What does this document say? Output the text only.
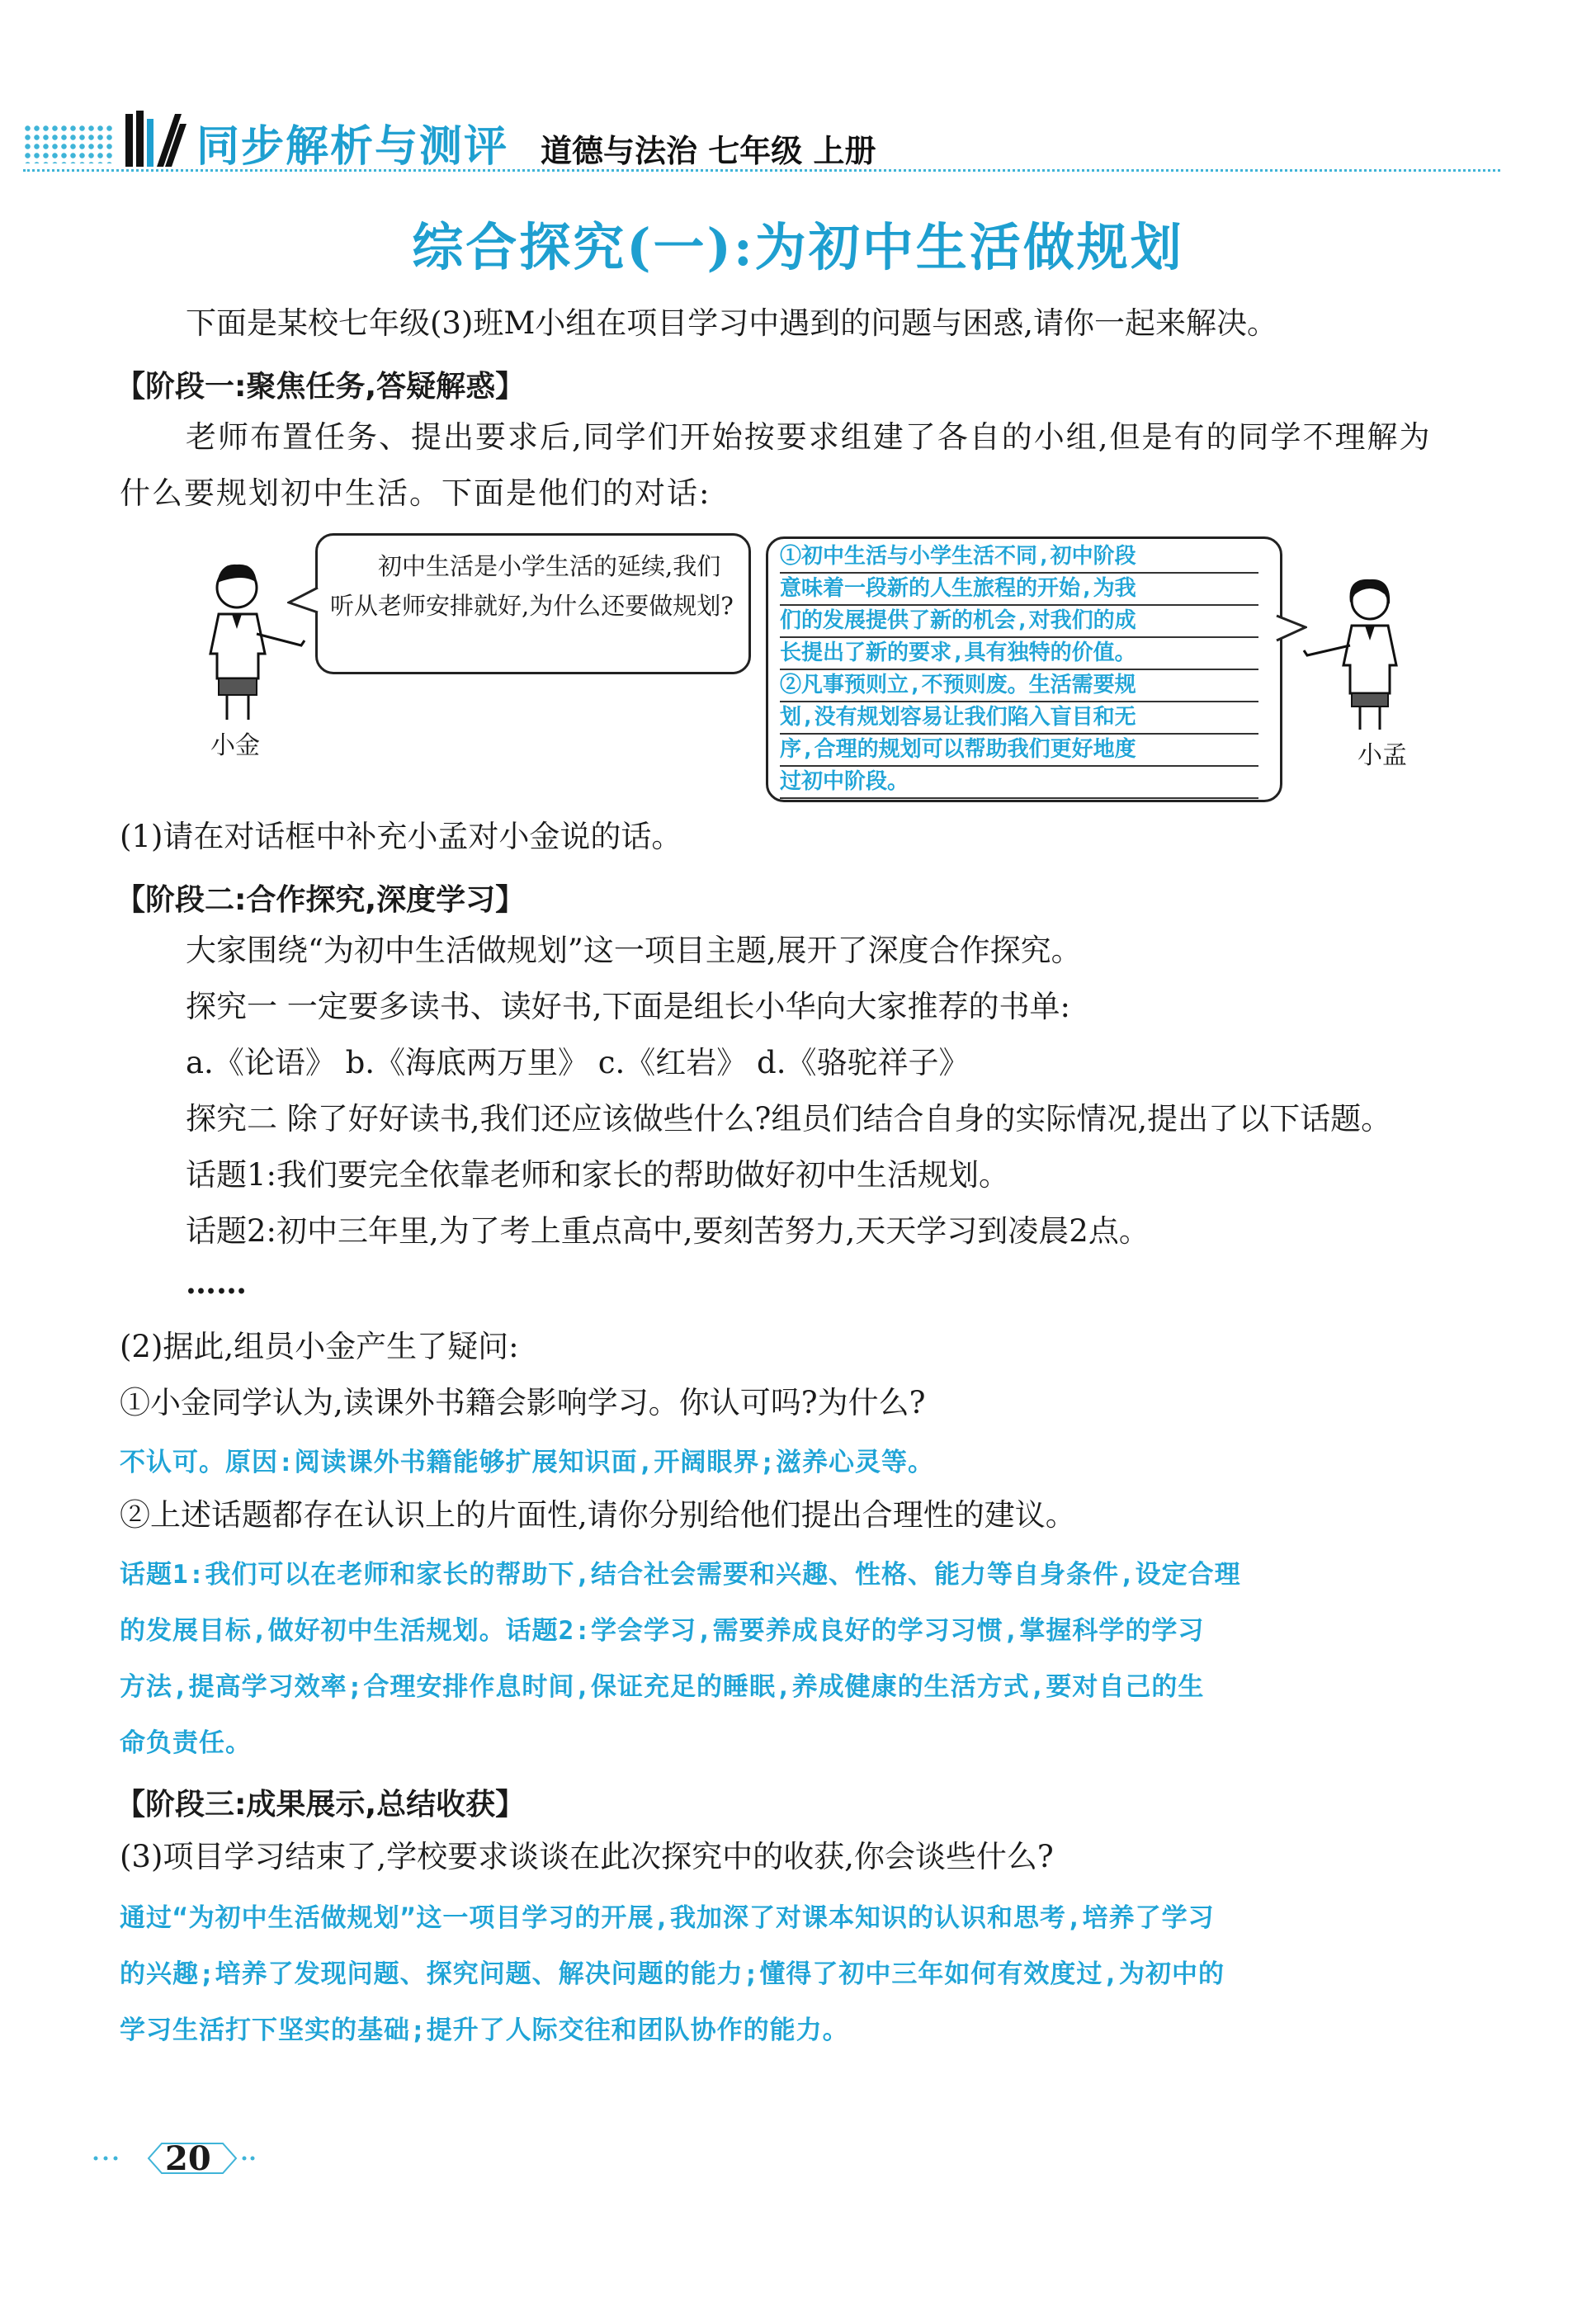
同步解析与测评 道德与法治 七年级 上册
综合探究(一):为初中生活做规划
下面是某校七年级(3)班M小组在项目学习中遇到的问题与困惑,请你一起来解决。
【阶段一:聚焦任务,答疑解惑】
老师布置任务、提出要求后,同学们开始按要求组建了各自的小组,但是有的同学不理解为
什么要规划初中生活。下面是他们的对话:
小金
初中生活是小学生活的延续,我们听从老师安排就好,为什么还要做规划?
①初中生活与小学生活不同,初中阶段
意味着一段新的人生旅程的开始,为我
们的发展提供了新的机会,对我们的成
长提出了新的要求,具有独特的价值。
②凡事预则立,不预则废。生活需要规
划,没有规划容易让我们陷入盲目和无
序,合理的规划可以帮助我们更好地度
过初中阶段。
小孟
(1)请在对话框中补充小孟对小金说的话。
【阶段二:合作探究,深度学习】
大家围绕“为初中生活做规划”这一项目主题,展开了深度合作探究。
探究一 一定要多读书、读好书,下面是组长小华向大家推荐的书单:
a.《论语》 b.《海底两万里》 c.《红岩》 d.《骆驼祥子》
探究二 除了好好读书,我们还应该做些什么?组员们结合自身的实际情况,提出了以下话题。
话题1:我们要完全依靠老师和家长的帮助做好初中生活规划。
话题2:初中三年里,为了考上重点高中,要刻苦努力,天天学习到凌晨2点。
……
(2)据此,组员小金产生了疑问:
①小金同学认为,读课外书籍会影响学习。你认可吗?为什么?
不认可。原因:阅读课外书籍能够扩展知识面,开阔眼界;滋养心灵等。
②上述话题都存在认识上的片面性,请你分别给他们提出合理性的建议。
话题1:我们可以在老师和家长的帮助下,结合社会需要和兴趣、性格、能力等自身条件,设定合理
的发展目标,做好初中生活规划。话题2:学会学习,需要养成良好的学习习惯,掌握科学的学习
方法,提高学习效率;合理安排作息时间,保证充足的睡眠,养成健康的生活方式,要对自己的生
命负责任。
【阶段三:成果展示,总结收获】
(3)项目学习结束了,学校要求谈谈在此次探究中的收获,你会谈些什么?
通过“为初中生活做规划”这一项目学习的开展,我加深了对课本知识的认识和思考,培养了学习
的兴趣;培养了发现问题、探究问题、解决问题的能力;懂得了初中三年如何有效度过,为初中的
学习生活打下坚实的基础;提升了人际交往和团队协作的能力。
20
